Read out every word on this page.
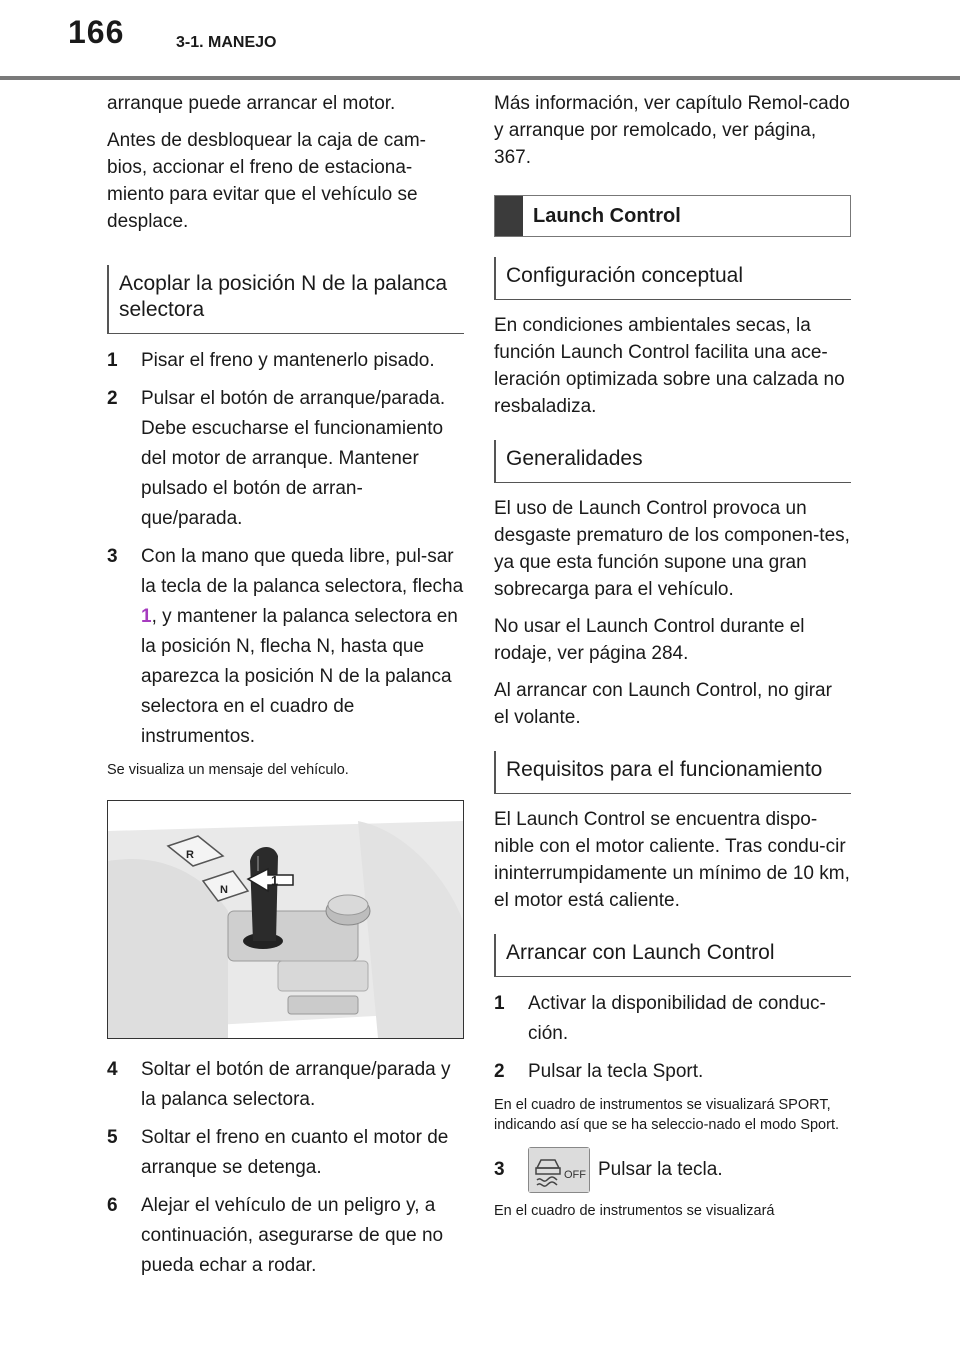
166	3-1. MANEJO

arranque puede arrancar el motor.

Antes de desbloquear la caja de cam-bios, accionar el freno de estaciona-miento para evitar que el vehículo se desplace.

Acoplar la posición N de la palanca selectora
1	Pisar el freno y mantenerlo pisado.
2	Pulsar el botón de arranque/parada. Debe escucharse el funcionamiento del motor de arranque. Mantener pulsado el botón de arran-que/parada.
3	Con la mano que queda libre, pul-sar la tecla de la palanca selectora, flecha 1, y mantener la palanca selectora en la posición N, flecha N, hasta que aparezca la posición N de la palanca selectora en el cuadro de instrumentos.

Se visualiza un mensaje del vehículo.

R
N
1
4	Soltar el botón de arranque/parada y la palanca selectora.
5	Soltar el freno en cuanto el motor de arranque se detenga.
6	Alejar el vehículo de un peligro y, a continuación, asegurarse de que no pueda echar a rodar.

Más información, ver capítulo Remol-cado y arranque por remolcado, ver página, 367.

Launch Control
Configuración conceptual

En condiciones ambientales secas, la función Launch Control facilita una ace-leración optimizada sobre una calzada no resbaladiza.

Generalidades

El uso de Launch Control provoca un desgaste prematuro de los componen-tes, ya que esta función supone una gran sobrecarga para el vehículo.

No usar el Launch Control durante el rodaje, ver página 284.

Al arrancar con Launch Control, no girar el volante.

Requisitos para el funcionamiento

El Launch Control se encuentra dispo-nible con el motor caliente. Tras condu-cir ininterrumpidamente un mínimo de 10 km, el motor está caliente.

Arrancar con Launch Control
1	Activar la disponibilidad de conduc-ción.
2	Pulsar la tecla Sport.

En el cuadro de instrumentos se visualizará SPORT, indicando así que se ha seleccio-nado el modo Sport.

3	OFF Pulsar la tecla.

En el cuadro de instrumentos se visualizará
